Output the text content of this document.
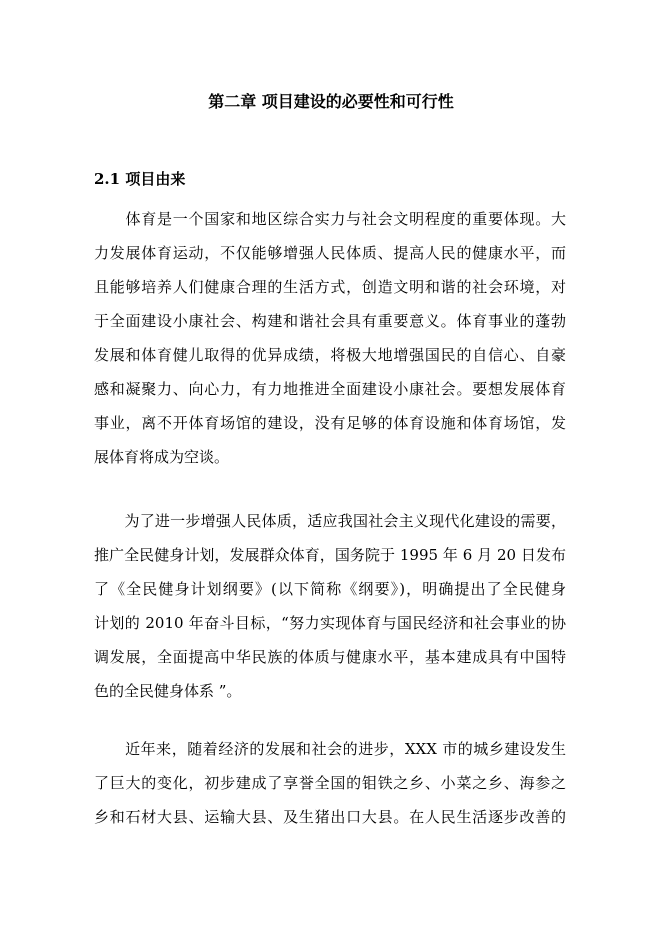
第二章 项目建设的必要性和可行性
2.1 项目由来
　　体育是一个国家和地区综合实力与社会文明程度的重要体现。大
力发展体育运动，不仅能够增强人民体质、提高人民的健康水平，而
且能够培养人们健康合理的生活方式，创造文明和谐的社会环境，对
于全面建设小康社会、构建和谐社会具有重要意义。体育事业的蓬勃
发展和体育健儿取得的优异成绩，将极大地增强国民的自信心、自豪
感和凝聚力、向心力，有力地推进全面建设小康社会。要想发展体育
事业，离不开体育场馆的建设，没有足够的体育设施和体育场馆，发
展体育将成为空谈。
　　为了进一步增强人民体质，适应我国社会主义现代化建设的需要，
推广全民健身计划，发展群众体育，国务院于 1995 年 6 月 20 日发布
了《全民健身计划纲要》(以下简称《纲要》)，明确提出了全民健身
计划的 2010 年奋斗目标，“努力实现体育与国民经济和社会事业的协
调发展，全面提高中华民族的体质与健康水平，基本建成具有中国特
色的全民健身体系 ”。
　　近年来，随着经济的发展和社会的进步，XXX 市的城乡建设发生
了巨大的变化，初步建成了享誉全国的钼铁之乡、小菜之乡、海参之
乡和石材大县、运输大县、及生猪出口大县。在人民生活逐步改善的
